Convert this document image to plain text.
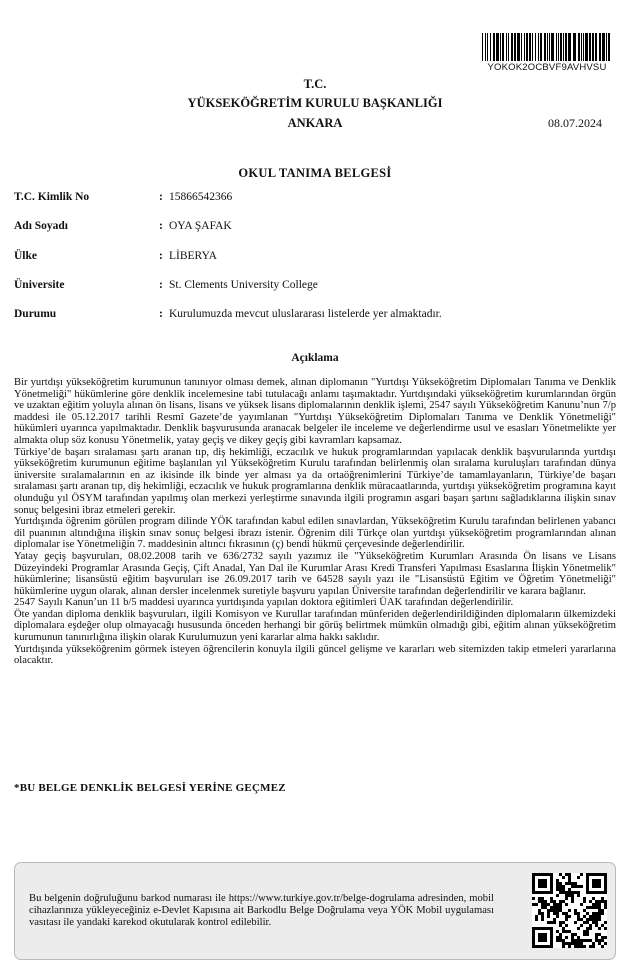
YOKOK2OCBVF9AVHVSU
T.C.
YÜKSEKÖĞRETİM KURULU BAŞKANLIĞI
ANKARA	08.07.2024
OKUL TANIMA BELGESİ
T.C. Kimlik No	: 15866542366
Adı Soyadı	: OYA ŞAFAK
Ülke	: LİBERYA
Üniversite	: St. Clements University College
Durumu	: Kurulumuzda mevcut uluslararası listelerde yer almaktadır.
Açıklama

Bir yurtdışı yükseköğretim kurumunun tanınıyor olması demek, alınan diplomanın "Yurtdışı Yükseköğretim Diplomaları Tanıma ve Denklik Yönetmeliği" hükümlerine göre denklik incelemesine tabi tutulacağı anlamı taşımaktadır. Yurtdışındaki yükseköğretim kurumlarından örgün ve uzaktan eğitim yoluyla alınan ön lisans, lisans ve yüksek lisans diplomalarının denklik işlemi, 2547 sayılı Yükseköğretim Kanunu’nun 7/p maddesi ile 05.12.2017 tarihli Resmî Gazete’de yayımlanan "Yurtdışı Yükseköğretim Diplomaları Tanıma ve Denklik Yönetmeliği" hükümleri uyarınca yapılmaktadır. Denklik başvurusunda aranacak belgeler ile inceleme ve değerlendirme usul ve esasları Yönetmelikte yer almakta olup söz konusu Yönetmelik, yatay geçiş ve dikey geçiş gibi kavramları kapsamaz.

Türkiye’de başarı sıralaması şartı aranan tıp, diş hekimliği, eczacılık ve hukuk programlarından yapılacak denklik başvurularında yurtdışı yükseköğretim kurumunun eğitime başlanılan yıl Yükseköğretim Kurulu tarafından belirlenmiş olan sıralama kuruluşları tarafından dünya üniversite sıralamalarının en az ikisinde ilk binde yer alması ya da ortaöğrenimlerini Türkiye’de tamamlayanların, Türkiye’de başarı sıralaması şartı aranan tıp, diş hekimliği, eczacılık ve hukuk programlarına denklik müracaatlarında, yurtdışı yükseköğretim programına kayıt olunduğu yıl ÖSYM tarafından yapılmış olan merkezi yerleştirme sınavında ilgili programın asgari başarı şartını sağladıklarına ilişkin sınav sonuç belgesini ibraz etmeleri gerekir.

Yurtdışında öğrenim görülen program dilinde YÖK tarafından kabul edilen sınavlardan, Yükseköğretim Kurulu tarafından belirlenen yabancı dil puanının altındığına ilişkin sınav sonuç belgesi ibrazı istenir. Öğrenim dili Türkçe olan yurtdışı yükseköğretim programlarından alınan diplomalar ise Yönetmeliğin 7. maddesinin altıncı fıkrasının (ç) bendi hükmü çerçevesinde değerlendirilir.

Yatay geçiş başvuruları, 08.02.2008 tarih ve 636/2732 sayılı yazımız ile "Yükseköğretim Kurumları Arasında Ön lisans ve Lisans Düzeyindeki Programlar Arasında Geçiş, Çift Anadal, Yan Dal ile Kurumlar Arası Kredi Transferi Yapılması Esaslarına İlişkin Yönetmelik" hükümlerine; lisansüstü eğitim başvuruları ise 26.09.2017 tarih ve 64528 sayılı yazı ile "Lisansüstü Eğitim ve Öğretim Yönetmeliği" hükümlerine uygun olarak, alınan dersler incelenmek suretiyle başvuru yapılan Üniversite tarafından değerlendirilir ve karara bağlanır.

2547 Sayılı Kanun’un 11 b/5 maddesi uyarınca yurtdışında yapılan doktora eğitimleri ÜAK tarafından değerlendirilir.

Öte yandan diploma denklik başvuruları, ilgili Komisyon ve Kurullar tarafından münferiden değerlendirildiğinden diplomaların ülkemizdeki diplomalara eşdeğer olup olmayacağı hususunda önceden herhangi bir görüş belirtmek mümkün olmadığı gibi, eğitim alınan yükseköğretim kurumunun tanınırlığına ilişkin olarak Kurulumuzun yeni kararlar alma hakkı saklıdır.

Yurtdışında yükseköğrenim görmek isteyen öğrencilerin konuyla ilgili güncel gelişme ve kararları web sitemizden takip etmeleri yararlarına olacaktır.

*BU BELGE DENKLİK BELGESİ YERİNE GEÇMEZ
Bu belgenin doğruluğunu barkod numarası ile https://www.turkiye.gov.tr/belge-dogrulama adresinden, mobil cihazlarınıza yükleyeceğiniz e-Devlet Kapısına ait Barkodlu Belge Doğrulama veya YÖK Mobil uygulaması vasıtası ile yandaki karekod okutularak kontrol edilebilir.
